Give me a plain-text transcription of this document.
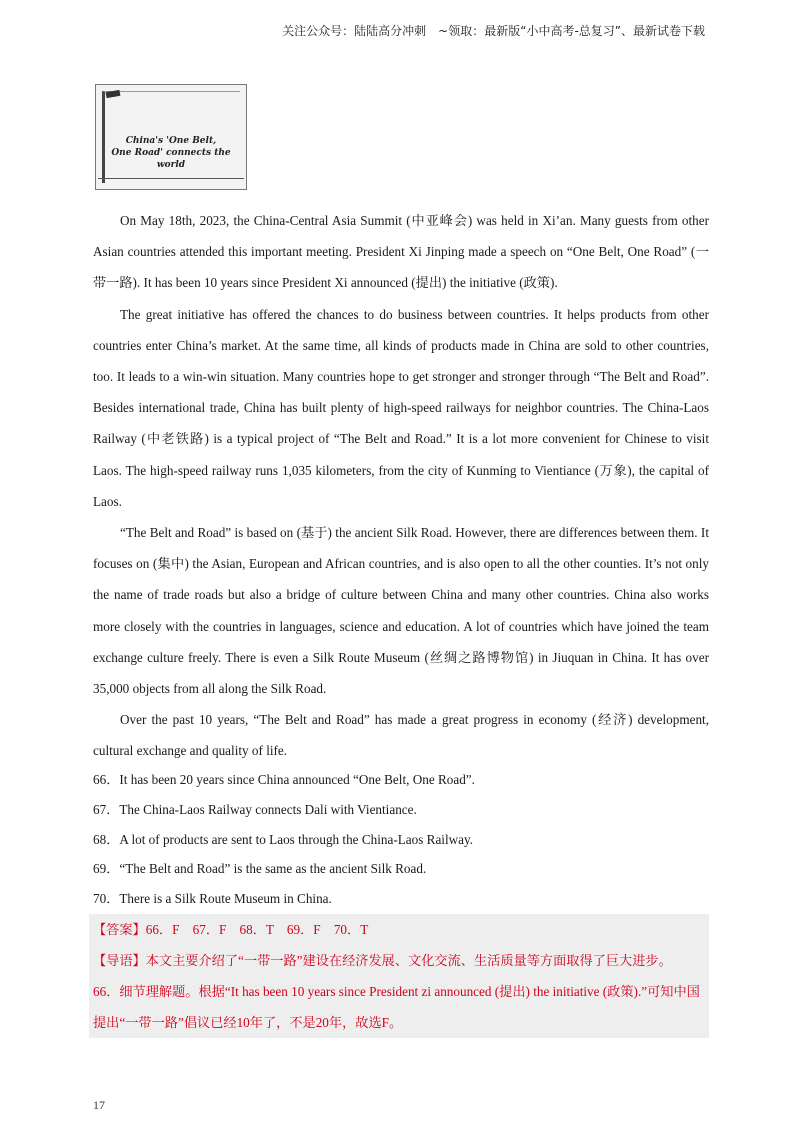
关注公众号：陆陆高分冲刺　~领取：最新版“小中高考-总复习”、最新试卷下载
China's 'One Belt,
One Road' connects the world

On May 18th, 2023, the China-Central Asia Summit (中亚峰会) was held in Xi’an. Many guests from other Asian countries attended this important meeting. President Xi Jinping made a speech on “One Belt, One Road” (一带一路). It has been 10 years since President Xi announced (提出) the initiative (政策).

The great initiative has offered the chances to do business between countries. It helps products from other countries enter China’s market. At the same time, all kinds of products made in China are sold to other countries, too. It leads to a win-win situation. Many countries hope to get stronger and stronger through “The Belt and Road”. Besides international trade, China has built plenty of high-speed railways for neighbor countries. The China-Laos Railway (中老铁路) is a typical project of “The Belt and Road.” It is a lot more convenient for Chinese to visit Laos. The high-speed railway runs 1,035 kilometers, from the city of Kunming to Vientiance (万象), the capital of Laos.

“The Belt and Road” is based on (基于) the ancient Silk Road. However, there are differences between them. It focuses on (集中) the Asian, European and African countries, and is also open to all the other counties. It’s not only the name of trade roads but also a bridge of culture between China and many other countries. China also works more closely with the countries in languages, science and education. A lot of countries which have joined the team exchange culture freely. There is even a Silk Route Museum (丝绸之路博物馆) in Jiuquan in China. It has over 35,000 objects from all along the Silk Road.

Over the past 10 years, “The Belt and Road” has made a great progress in economy (经济) development, cultural exchange and quality of life.

66．It has been 20 years since China announced “One Belt, One Road”.

67．The China-Laos Railway connects Dali with Vientiance.

68．A lot of products are sent to Laos through the China-Laos Railway.

69．“The Belt and Road” is the same as the ancient Silk Road.

70．There is a Silk Route Museum in China.

【答案】66．F　67．F　68．T　69．F　70．T

【导语】本文主要介绍了“一带一路”建设在经济发展、文化交流、生活质量等方面取得了巨大进步。

66．细节理解题。根据“It has been 10 years since President zi announced (提出) the initiative (政策).”可知中国提出“一带一路”倡议已经10年了，不是20年，故选F。

17
